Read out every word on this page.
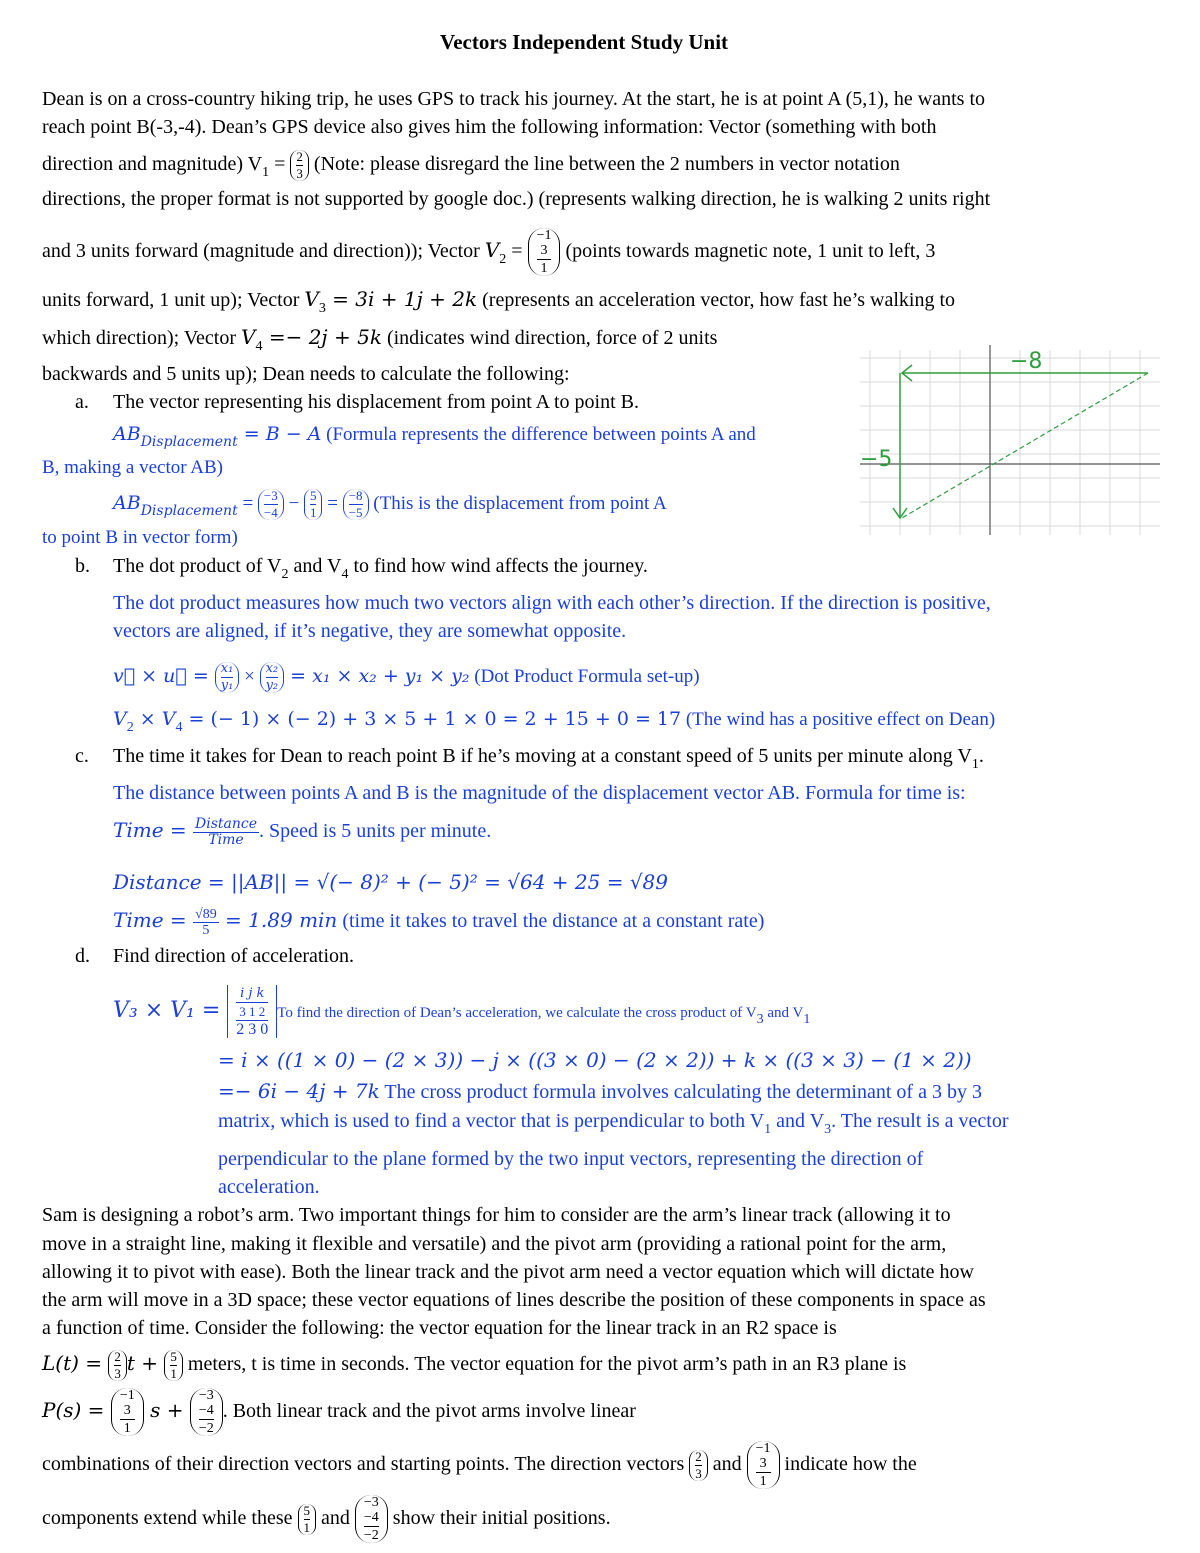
Vectors Independent Study Unit
Dean is on a cross-country hiking trip, he uses GPS to track his journey. At the start, he is at point A (5,1), he wants to
reach point B(-3,-4). Dean’s GPS device also gives him the following information: Vector (something with both
direction and magnitude) $V_1 = \frac{2}{3}$ (Note: please disregard the line between the 2 numbers in vector notation
directions, the proper format is not supported by google doc.) (represents walking direction, he is walking 2 units right
and 3 units forward (magnitude and direction)); Vector $V_2$ =
−1
3
1
(points towards magnetic note, 1 unit to left, 3
units forward, 1 unit up); Vector $V_3 = 3i + 1j + 2k$ (represents an acceleration vector, how fast he’s walking to
which direction); Vector $V_4 =- 2j + 5k$ (indicates wind direction, force of 2 units
backwards and 5 units up); Dean needs to calculate the following:	−8
−5
a. The vector representing his displacement from point A to point B.
$AB_{Displacement} = B - A$ (Formula represents the difference between points A and
B, making a vector AB)
$AB_{Displacement} = \frac{-3}{-4} - \frac{5}{1} = \frac{-8}{-5}$ (This is the displacement from point A
to point B in vector form)
b. The dot product of $V_2$ and $V_4$ to find how wind affects the journey.
The dot product measures how much two vectors align with each other’s direction. If the direction is positive,
vectors are aligned, if it’s negative, they are somewhat opposite.
v⃗ × u⃗ = $\frac{\text{x₁}}{\text{y₁}} \times \frac{\text{x₂}}{\text{y₂}} = x_1 \times x_2 + y_1 \times y_2$ (Dot Product Formula set-up)
$V_2 \times V_4$ = (− 1) × (− 2) + 3 × 5 + 1 × 0 = 2 + 15 + 0 = 17 (The wind has a positive effect on Dean)
c. The time it takes for Dean to reach point B if he’s moving at a constant speed of 5 units per minute along $V_1$.
The distance between points A and B is the magnitude of the displacement vector AB. Formula for time is:
Time = Distance
Time . Speed is 5 units per minute.
Distance = ||AB|| = √(− 8)² + (− 5)² = √64 + 25 = √89
Time = $\frac{√89}{5} = 1.89$ min (time it takes to travel the distance at a constant rate)
d. Find direction of acceleration.
V₃ × V₁ =
i j k
3 1 2
2 3 0
To find the direction of Dean’s acceleration, we calculate the cross product of $V_3$ and $V_1$
= i × ((1 × 0) − (2 × 3)) − j × ((3 × 0) − (2 × 2)) + k × ((3 × 3) − (1 × 2))
=− 6i − 4j + 7k The cross product formula involves calculating the determinant of a 3 by 3
matrix, which is used to find a vector that is perpendicular to both $V_1$ and $V_3$. The result is a vector
perpendicular to the plane formed by the two input vectors, representing the direction of
acceleration.
Sam is designing a robot’s arm. Two important things for him to consider are the arm’s linear track (allowing it to
move in a straight line, making it flexible and versatile) and the pivot arm (providing a rational point for the arm,
allowing it to pivot with ease). Both the linear track and the pivot arm need a vector equation which will dictate how
the arm will move in a 3D space; these vector equations of lines describe the position of these components in space as
a function of time. Consider the following: the vector equation for the linear track in an R2 space is
$L(t) = \frac{2}{3}$ $t + \frac{5}{1}$ meters, t is time in seconds. The vector equation for the pivot arm’s path in an R3 plane is
P(s) =
−1
3
1
s +
−3
−4
−2
. Both linear track and the pivot arms involve linear
combinations of their direction vectors and starting points. The direction vectors $\frac{2}{3}$ and
−1
3
1
indicate how the
components extend while these $\frac{5}{1}$ and
−3
−4
−2
show their initial positions.
